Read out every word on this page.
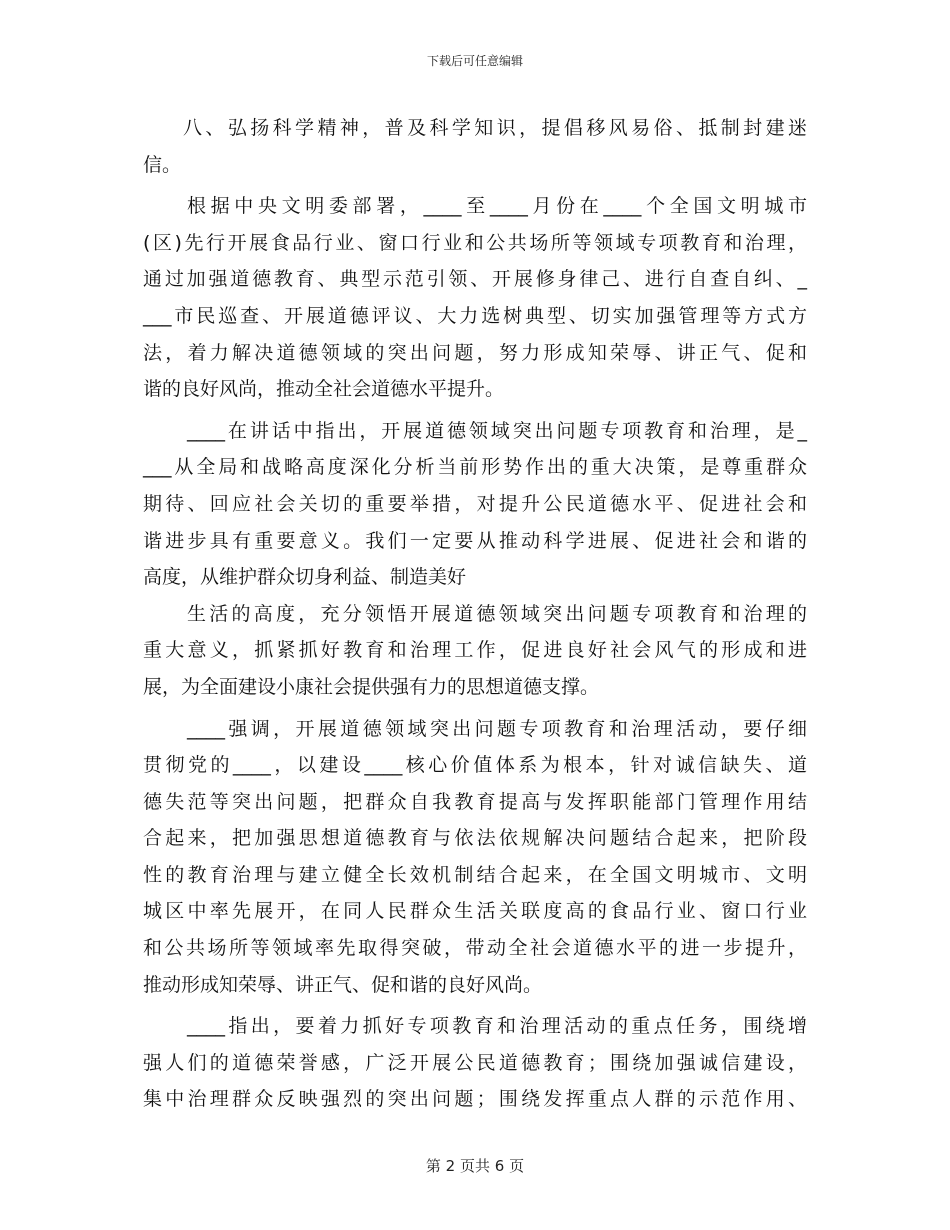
下载后可任意编辑
八、弘扬科学精神，普及科学知识，提倡移风易俗、抵制封建迷
信。
根据中央文明委部署，____至____月份在____个全国文明城市
(区)先行开展食品行业、窗口行业和公共场所等领域专项教育和治理，
通过加强道德教育、典型示范引领、开展修身律己、进行自查自纠、_
___市民巡查、开展道德评议、大力选树典型、切实加强管理等方式方
法，着力解决道德领域的突出问题，努力形成知荣辱、讲正气、促和
谐的良好风尚，推动全社会道德水平提升。
____在讲话中指出，开展道德领域突出问题专项教育和治理，是_
___从全局和战略高度深化分析当前形势作出的重大决策，是尊重群众
期待、回应社会关切的重要举措，对提升公民道德水平、促进社会和
谐进步具有重要意义。我们一定要从推动科学进展、促进社会和谐的
高度，从维护群众切身利益、制造美好
生活的高度，充分领悟开展道德领域突出问题专项教育和治理的
重大意义，抓紧抓好教育和治理工作，促进良好社会风气的形成和进
展，为全面建设小康社会提供强有力的思想道德支撑。
____强调，开展道德领域突出问题专项教育和治理活动，要仔细
贯彻党的____，以建设____核心价值体系为根本，针对诚信缺失、道
德失范等突出问题，把群众自我教育提高与发挥职能部门管理作用结
合起来，把加强思想道德教育与依法依规解决问题结合起来，把阶段
性的教育治理与建立健全长效机制结合起来，在全国文明城市、文明
城区中率先展开，在同人民群众生活关联度高的食品行业、窗口行业
和公共场所等领域率先取得突破，带动全社会道德水平的进一步提升，
推动形成知荣辱、讲正气、促和谐的良好风尚。
____指出，要着力抓好专项教育和治理活动的重点任务，围绕增
强人们的道德荣誉感，广泛开展公民道德教育；围绕加强诚信建设，
集中治理群众反映强烈的突出问题；围绕发挥重点人群的示范作用、
第 2 页共 6 页
